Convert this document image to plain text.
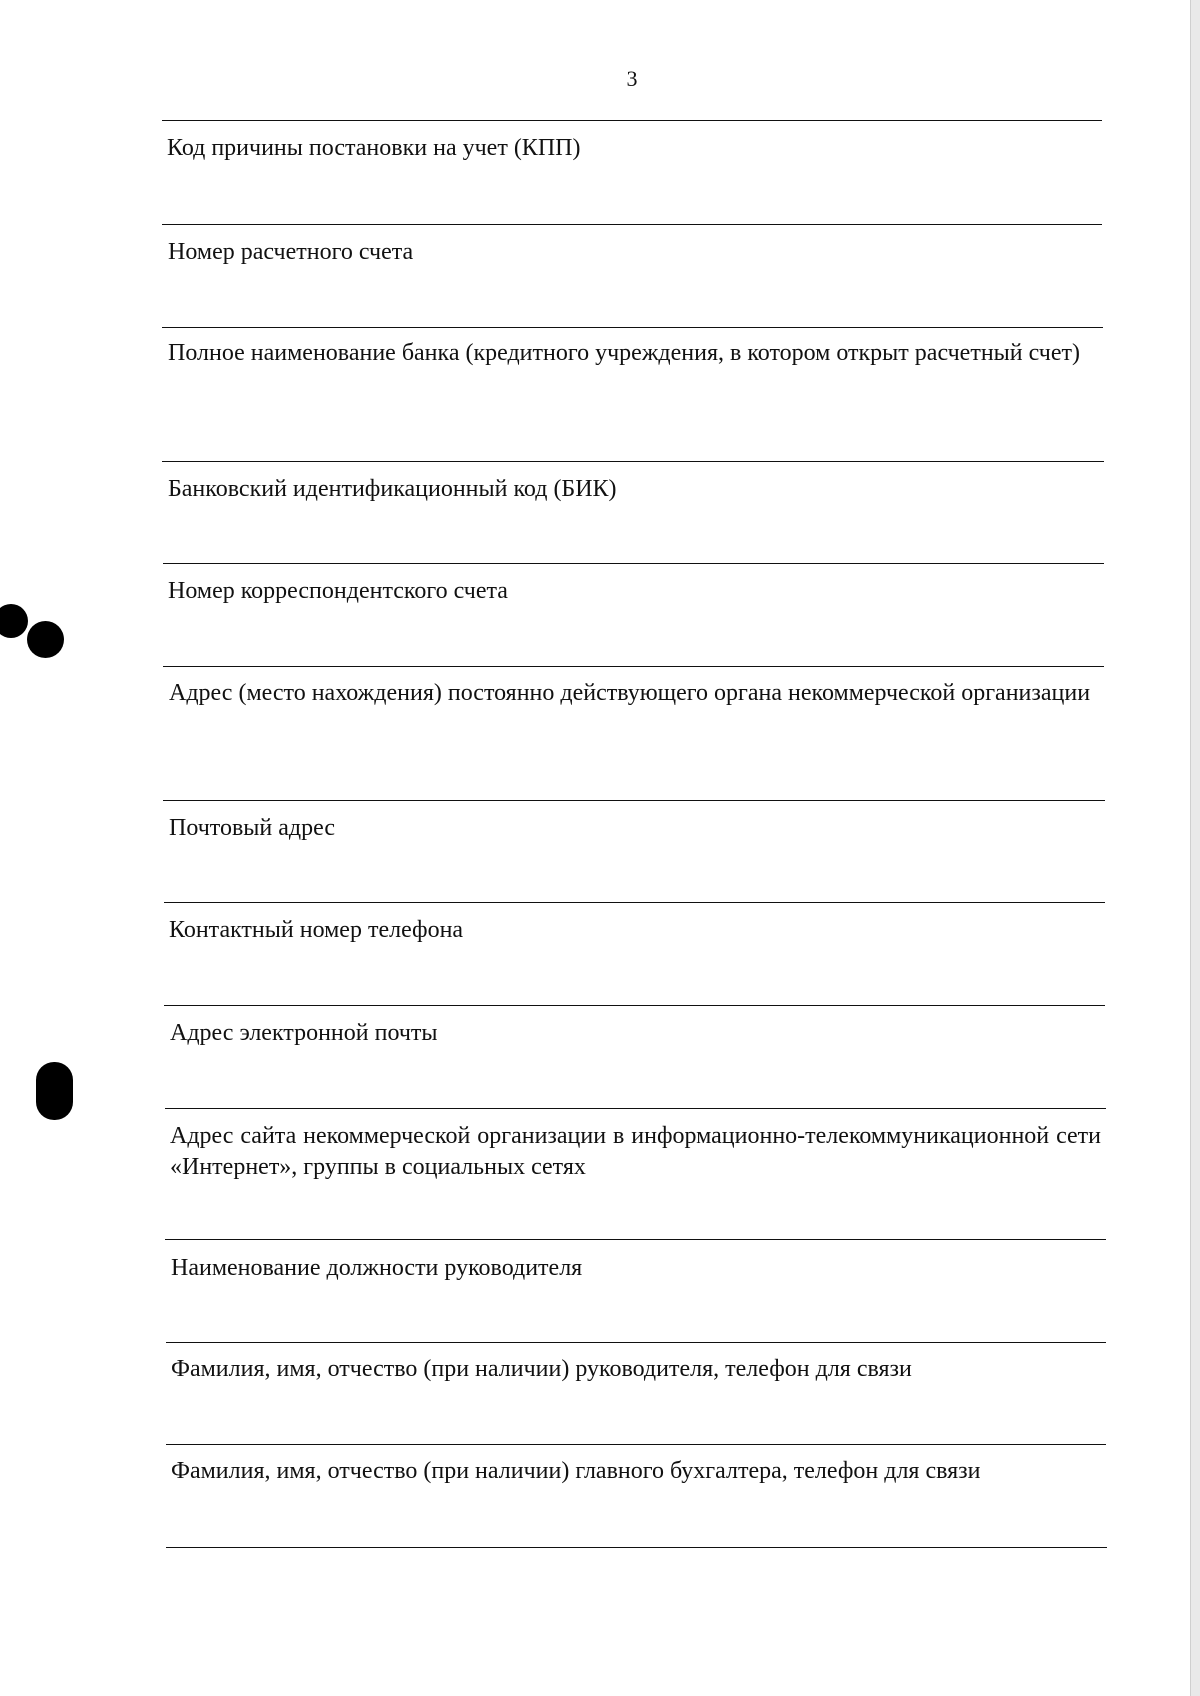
3

Код причины постановки на учет (КПП)

Номер расчетного счета

Полное наименование банка (кредитного учреждения, в котором открыт расчетный счет)

Банковский идентификационный код (БИК)

Номер корреспондентского счета

Адрес (место нахождения) постоянно действующего органа некоммерческой организации

Почтовый адрес

Контактный номер телефона

Адрес электронной почты

Адрес сайта некоммерческой организации в информационно-телекоммуникационной сети «Интернет», группы в социальных сетях

Наименование должности руководителя

Фамилия, имя, отчество (при наличии) руководителя, телефон для связи

Фамилия, имя, отчество (при наличии) главного бухгалтера, телефон для связи
